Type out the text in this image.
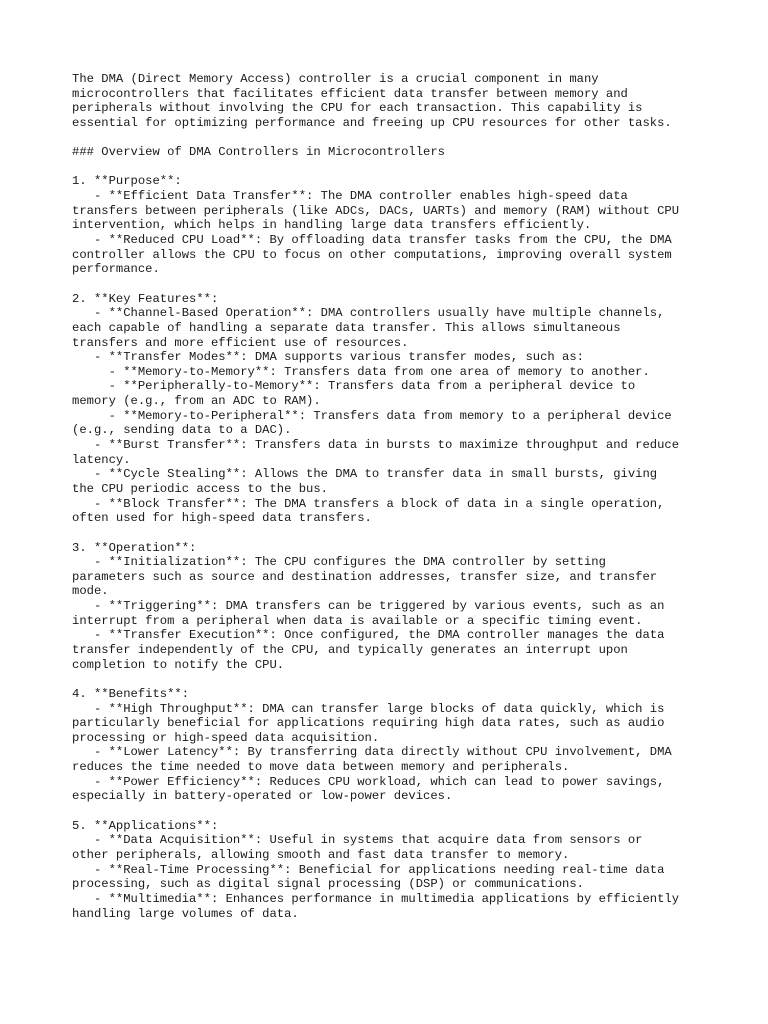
The DMA (Direct Memory Access) controller is a crucial component in many

microcontrollers that facilitates efficient data transfer between memory and

peripherals without involving the CPU for each transaction. This capability is

essential for optimizing performance and freeing up CPU resources for other tasks.

### Overview of DMA Controllers in Microcontrollers

1. **Purpose**:

- **Efficient Data Transfer**: The DMA controller enables high-speed data

transfers between peripherals (like ADCs, DACs, UARTs) and memory (RAM) without CPU

intervention, which helps in handling large data transfers efficiently.

- **Reduced CPU Load**: By offloading data transfer tasks from the CPU, the DMA

controller allows the CPU to focus on other computations, improving overall system

performance.

2. **Key Features**:

- **Channel-Based Operation**: DMA controllers usually have multiple channels,

each capable of handling a separate data transfer. This allows simultaneous

transfers and more efficient use of resources.

- **Transfer Modes**: DMA supports various transfer modes, such as:

- **Memory-to-Memory**: Transfers data from one area of memory to another.

- **Peripherally-to-Memory**: Transfers data from a peripheral device to

memory (e.g., from an ADC to RAM).

- **Memory-to-Peripheral**: Transfers data from memory to a peripheral device

(e.g., sending data to a DAC).

- **Burst Transfer**: Transfers data in bursts to maximize throughput and reduce

latency.

- **Cycle Stealing**: Allows the DMA to transfer data in small bursts, giving

the CPU periodic access to the bus.

- **Block Transfer**: The DMA transfers a block of data in a single operation,

often used for high-speed data transfers.

3. **Operation**:

- **Initialization**: The CPU configures the DMA controller by setting

parameters such as source and destination addresses, transfer size, and transfer

mode.

- **Triggering**: DMA transfers can be triggered by various events, such as an

interrupt from a peripheral when data is available or a specific timing event.

- **Transfer Execution**: Once configured, the DMA controller manages the data

transfer independently of the CPU, and typically generates an interrupt upon

completion to notify the CPU.

4. **Benefits**:

- **High Throughput**: DMA can transfer large blocks of data quickly, which is

particularly beneficial for applications requiring high data rates, such as audio

processing or high-speed data acquisition.

- **Lower Latency**: By transferring data directly without CPU involvement, DMA

reduces the time needed to move data between memory and peripherals.

- **Power Efficiency**: Reduces CPU workload, which can lead to power savings,

especially in battery-operated or low-power devices.

5. **Applications**:

- **Data Acquisition**: Useful in systems that acquire data from sensors or

other peripherals, allowing smooth and fast data transfer to memory.

- **Real-Time Processing**: Beneficial for applications needing real-time data

processing, such as digital signal processing (DSP) or communications.

- **Multimedia**: Enhances performance in multimedia applications by efficiently

handling large volumes of data.
